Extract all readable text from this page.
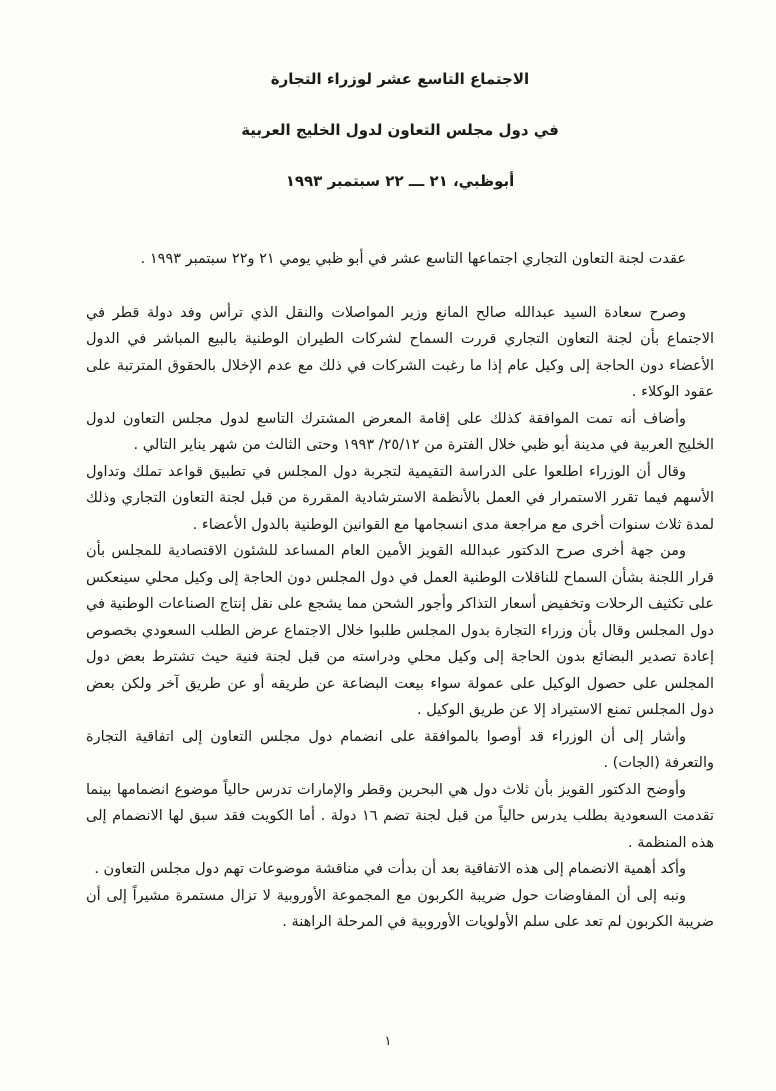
الاجتماع التاسع عشر لوزراء التجارة
في دول مجلس التعاون لدول الخليج العربية
أبوظبي، ٢١ ـــ ٢٢ سبتمبر ١٩٩٣

عقدت لجنة التعاون التجاري اجتماعها التاسع عشر في أبو ظبي يومي ٢١ و٢٢ سبتمبر ١٩٩٣ .

وصرح سعادة السيد عبدالله صالح المانع وزير المواصلات والنقل الذي ترأس وفد دولة قطر في الاجتماع بأن لجنة التعاون التجاري قررت السماح لشركات الطيران الوطنية بالبيع المباشر في الدول الأعضاء دون الحاجة إلى وكيل عام إذا ما رغبت الشركات في ذلك مع عدم الإخلال بالحقوق المترتبة على عقود الوكلاء .

وأضاف أنه تمت الموافقة كذلك على إقامة المعرض المشترك التاسع لدول مجلس التعاون لدول الخليج العربية في مدينة أبو ظبي خلال الفترة من ٢٥/١٢/ ١٩٩٣ وحتى الثالث من شهر يناير التالي .

وقال أن الوزراء اطلعوا على الدراسة التقيمية لتجربة دول المجلس في تطبيق قواعد تملك وتداول الأسهم فيما تقرر الاستمرار في العمل بالأنظمة الاسترشادية المقررة من قبل لجنة التعاون التجاري وذلك لمدة ثلاث سنوات أخرى مع مراجعة مدى انسجامها مع القوانين الوطنية بالدول الأعضاء .

ومن جهة أخرى صرح الدكتور عبدالله القويز الأمين العام المساعد للشئون الاقتصادية للمجلس بأن قرار اللجنة بشأن السماح للناقلات الوطنية العمل في دول المجلس دون الحاجة إلى وكيل محلي سينعكس على تكثيف الرحلات وتخفيض أسعار التذاكر وأجور الشحن مما يشجع على نقل إنتاج الصناعات الوطنية في دول المجلس وقال بأن وزراء التجارة بدول المجلس طلبوا خلال الاجتماع عرض الطلب السعودي بخصوص إعادة تصدير البضائع بدون الحاجة إلى وكيل محلي ودراسته من قبل لجنة فنية حيث تشترط بعض دول المجلس على حصول الوكيل على عمولة سواء بيعت البضاعة عن طريقه أو عن طريق آخر ولكن بعض دول المجلس تمنع الاستيراد إلا عن طريق الوكيل .

وأشار إلى أن الوزراء قد أوصوا بالموافقة على انضمام دول مجلس التعاون إلى اتفاقية التجارة والتعرفة (الجات) .

وأوضح الدكتور القويز بأن ثلاث دول هي البحرين وقطر والإمارات تدرس حالياً موضوع انضمامها بينما تقدمت السعودية بطلب يدرس حالياً من قبل لجنة تضم ١٦ دولة . أما الكويت فقد سبق لها الانضمام إلى هذه المنظمة .

وأكد أهمية الانضمام إلى هذه الاتفاقية بعد أن بدأت في مناقشة موضوعات تهم دول مجلس التعاون .

ونبه إلى أن المفاوضات حول ضريبة الكربون مع المجموعة الأوروبية لا تزال مستمرة مشيراً إلى أن ضريبة الكربون لم تعد على سلم الأولويات الأوروبية في المرحلة الراهنة .

١
